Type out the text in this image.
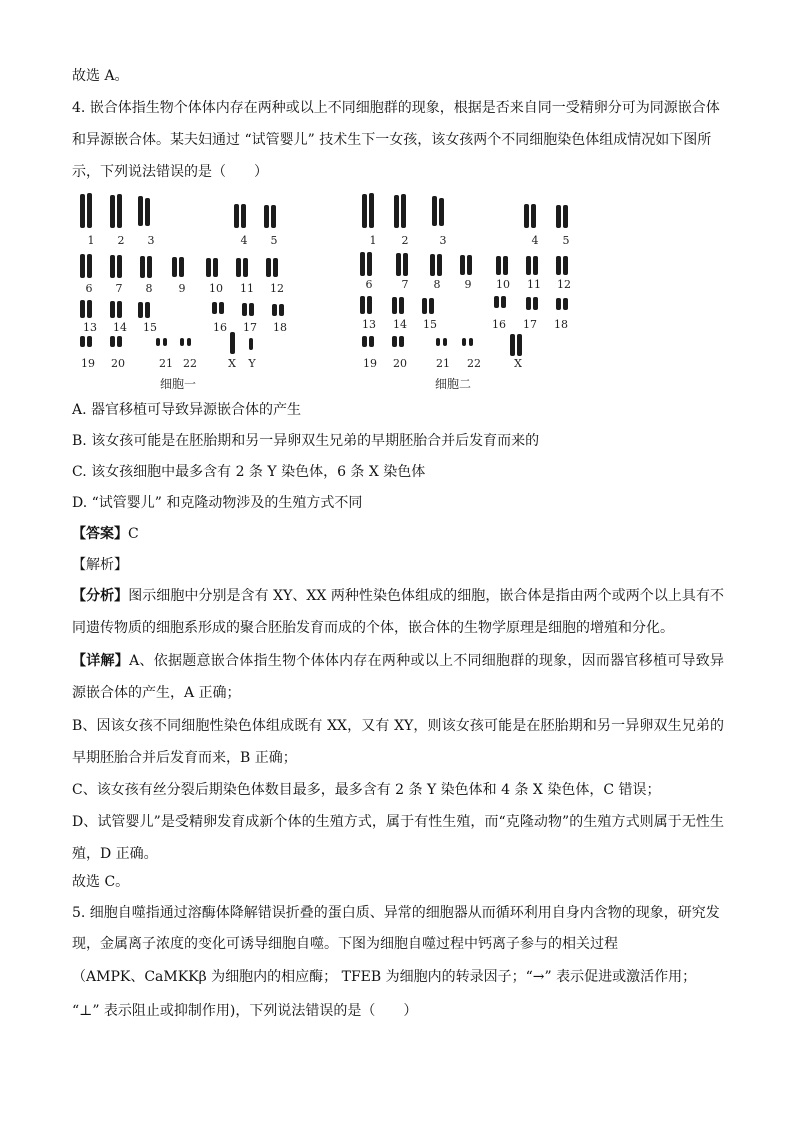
故选 A。
4. 嵌合体指生物个体体内存在两种或以上不同细胞群的现象，根据是否来自同一受精卵分可为同源嵌合体
和异源嵌合体。某夫妇通过 “试管婴儿” 技术生下一女孩，该女孩两个不同细胞染色体组成情况如下图所
示，下列说法错误的是（　　）
1 2 3	4 5
6 7 8 9 10 11 12
13 14 15	16 17 18
19 20	21 22	X Y
细胞一
1 2	3	4 5
6	7 8 9 10 11 12
13 14 15	16 17 18
19 20	21 22	X
细胞二
A. 器官移植可导致异源嵌合体的产生
B. 该女孩可能是在胚胎期和另一异卵双生兄弟的早期胚胎合并后发育而来的
C. 该女孩细胞中最多含有 2 条 Y 染色体，6 条 X 染色体
D. “试管婴儿” 和克隆动物涉及的生殖方式不同
【答案】C
【解析】
【分析】图示细胞中分别是含有 XY、XX 两种性染色体组成的细胞，嵌合体是指由两个或两个以上具有不同遗传物质的细胞系形成的聚合胚胎发育而成的个体，嵌合体的生物学原理是细胞的增殖和分化。
【详解】A、依据题意嵌合体指生物个体体内存在两种或以上不同细胞群的现象，因而器官移植可导致异源嵌合体的产生，A 正确；
B、因该女孩不同细胞性染色体组成既有 XX，又有 XY，则该女孩可能是在胚胎期和另一异卵双生兄弟的早期胚胎合并后发育而来，B 正确；
C、该女孩有丝分裂后期染色体数目最多，最多含有 2 条 Y 染色体和 4 条 X 染色体，C 错误；
D、试管婴儿”是受精卵发育成新个体的生殖方式，属于有性生殖，而“克隆动物”的生殖方式则属于无性生殖，D 正确。
故选 C。
5. 细胞自噬指通过溶酶体降解错误折叠的蛋白质、异常的细胞器从而循环利用自身内含物的现象，研究发
现，金属离子浓度的变化可诱导细胞自噬。下图为细胞自噬过程中钙离子参与的相关过程
（AMPK、CaMKKβ 为细胞内的相应酶； TFEB 为细胞内的转录因子；“→” 表示促进或激活作用；
“⊥” 表示阻止或抑制作用)，下列说法错误的是（　　）
